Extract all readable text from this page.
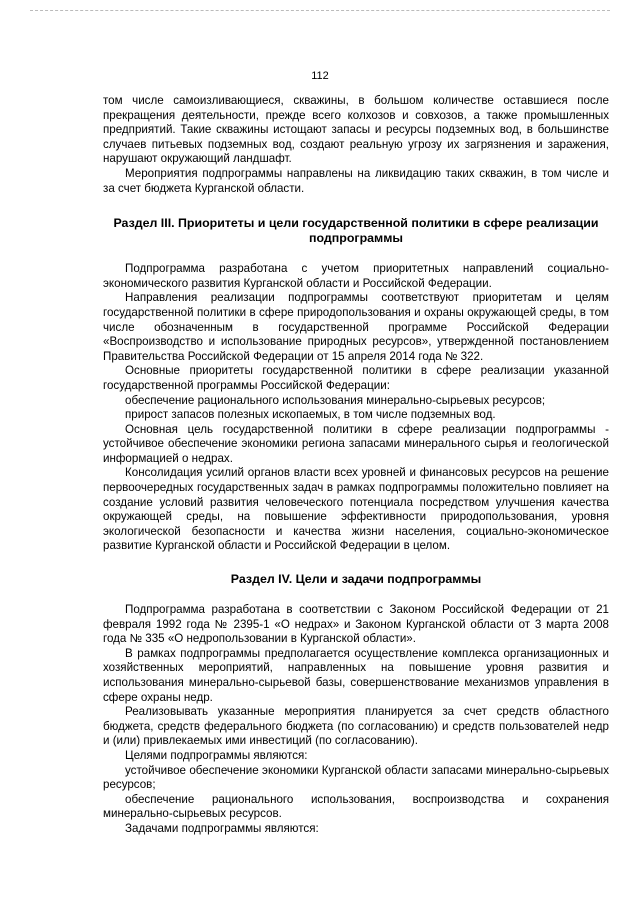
112

том числе самоизливающиеся, скважины, в большом количестве оставшиеся после прекращения деятельности, прежде всего колхозов и совхозов, а также промышленных предприятий. Такие скважины истощают запасы и ресурсы подземных вод, в большинстве случаев питьевых подземных вод, создают реальную угрозу их загрязнения и заражения, нарушают окружающий ландшафт.

Мероприятия подпрограммы направлены на ликвидацию таких скважин, в том числе и за счет бюджета Курганской области.

Раздел III. Приоритеты и цели государственной политики в сфере реализации подпрограммы

Подпрограмма разработана с учетом приоритетных направлений социально-экономического развития Курганской области и Российской Федерации.

Направления реализации подпрограммы соответствуют приоритетам и целям государственной политики в сфере природопользования и охраны окружающей среды, в том числе обозначенным в государственной программе Российской Федерации «Воспроизводство и использование природных ресурсов», утвержденной постановлением Правительства Российской Федерации от 15 апреля 2014 года № 322.

Основные приоритеты государственной политики в сфере реализации указанной государственной программы Российской Федерации:

обеспечение рационального использования минерально-сырьевых ресурсов;

прирост запасов полезных ископаемых, в том числе подземных вод.

Основная цель государственной политики в сфере реализации подпрограммы - устойчивое обеспечение экономики региона запасами минерального сырья и геологической информацией о недрах.

Консолидация усилий органов власти всех уровней и финансовых ресурсов на решение первоочередных государственных задач в рамках подпрограммы положительно повлияет на создание условий развития человеческого потенциала посредством улучшения качества окружающей среды, на повышение эффективности природопользования, уровня экологической безопасности и качества жизни населения, социально-экономическое развитие Курганской области и Российской Федерации в целом.

Раздел IV. Цели и задачи подпрограммы

Подпрограмма разработана в соответствии с Законом Российской Федерации от 21 февраля 1992 года № 2395-1 «О недрах» и Законом Курганской области от 3 марта 2008 года № 335 «О недропользовании в Курганской области».

В рамках подпрограммы предполагается осуществление комплекса организационных и хозяйственных мероприятий, направленных на повышение уровня развития и использования минерально-сырьевой базы, совершенствование механизмов управления в сфере охраны недр.

Реализовывать указанные мероприятия планируется за счет средств областного бюджета, средств федерального бюджета (по согласованию) и средств пользователей недр и (или) привлекаемых ими инвестиций (по согласованию).

Целями подпрограммы являются:

устойчивое обеспечение экономики Курганской области запасами минерально-сырьевых ресурсов;

обеспечение рационального использования, воспроизводства и сохранения минерально-сырьевых ресурсов.

Задачами подпрограммы являются:
